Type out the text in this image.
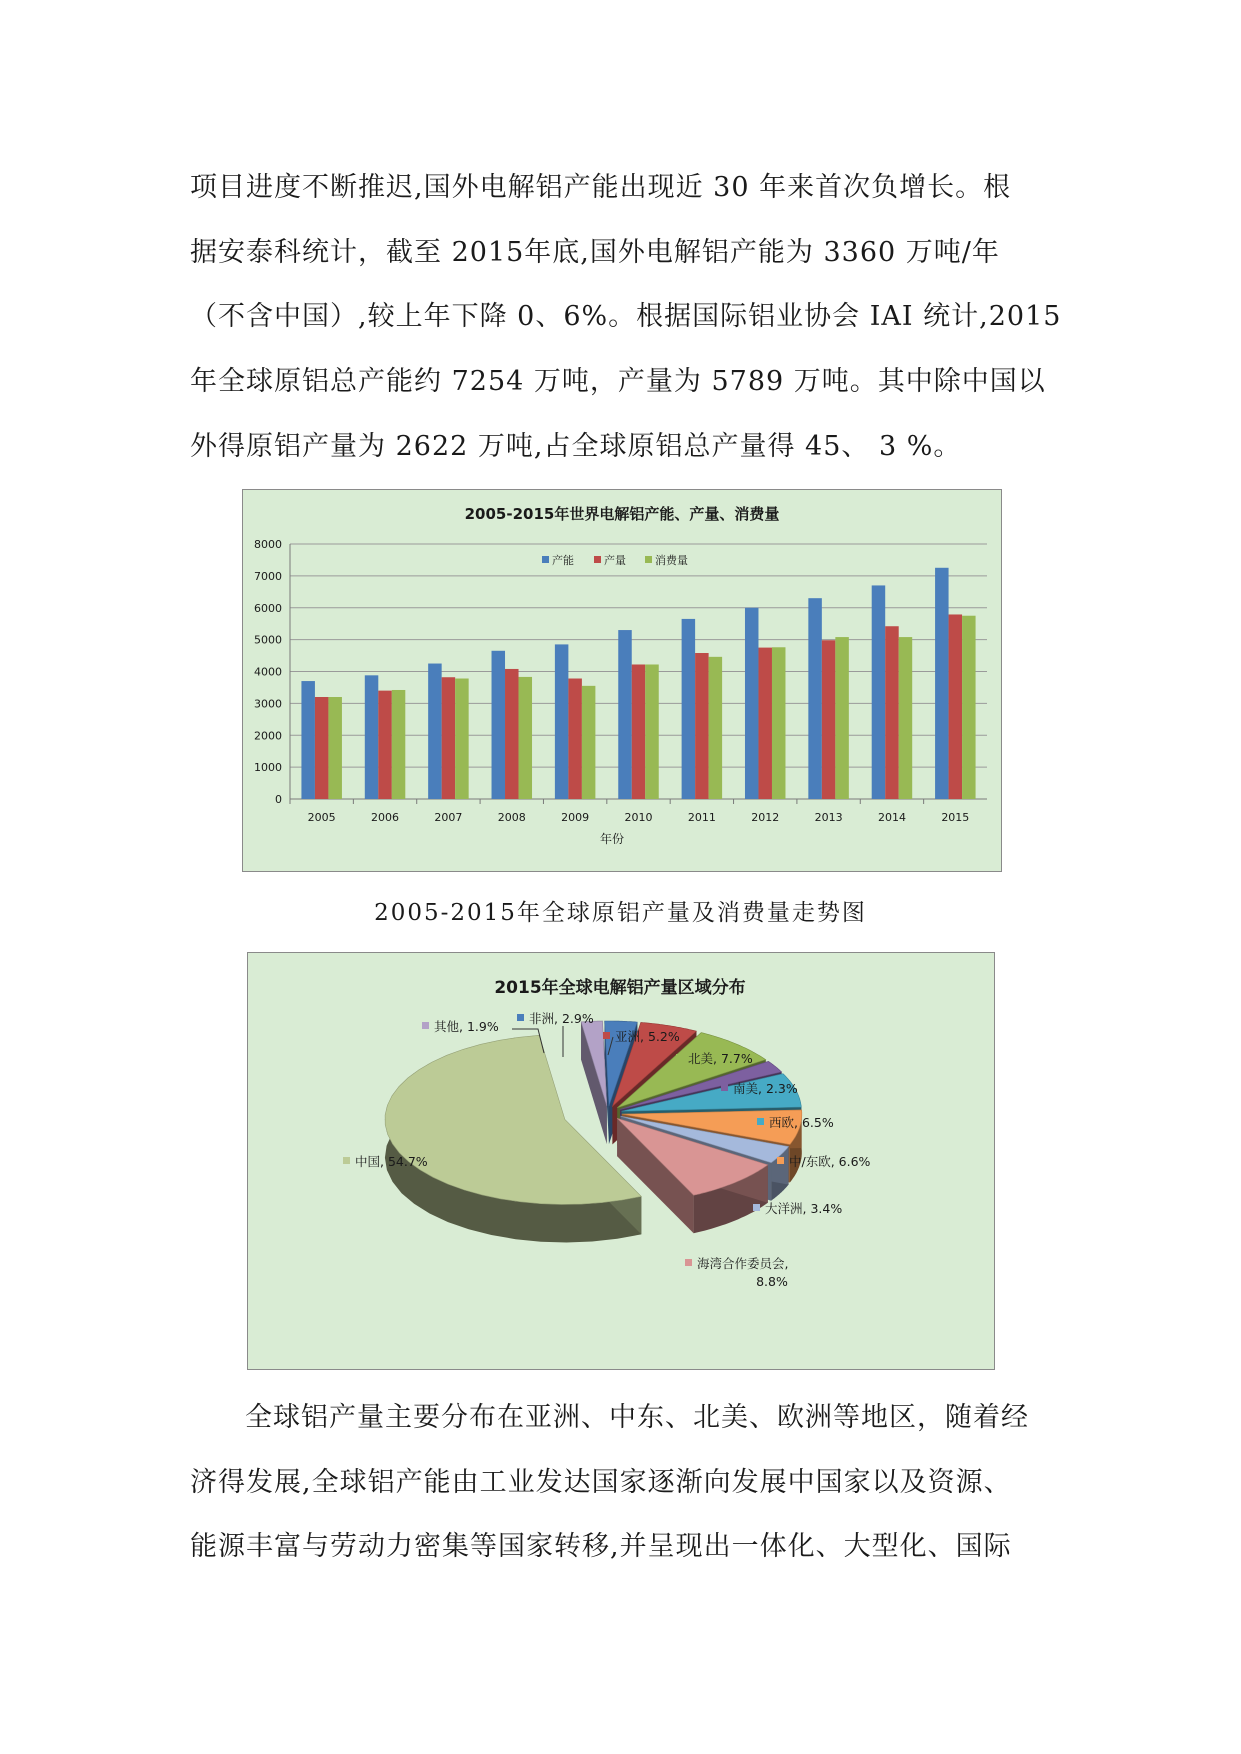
项目进度不断推迟,国外电解铝产能出现近 30 年来首次负增长。根
据安泰科统计，截至 2015年底,国外电解铝产能为 3360 万吨/年
（不含中国）,较上年下降 0、6%。根据国际铝业协会 IAI 统计,2015
年全球原铝总产能约 7254 万吨，产量为 5789 万吨。其中除中国以
外得原铝产量为 2622 万吨,占全球原铝总产量得 45、 3 %。
2005-2015年世界电解铝产能、产量、消费量
0
1000
2000
3000
4000
5000
6000
7000
8000
2005	2006	2007	2008	2009	2010	2011	2012	2013	2014	2015
年份
产能	产量	消费量
2005-2015年全球原铝产量及消费量走势图
2015年全球电解铝产量区域分布
非洲, 2.9%
亚洲, 5.2%
北美, 7.7%
南美, 2.3%
西欧, 6.5%
中/东欧, 6.6%
大洋洲, 3.4%
海湾合作委员会,
8.8%
中国, 54.7%
其他, 1.9%
全球铝产量主要分布在亚洲、中东、北美、欧洲等地区，随着经
济得发展,全球铝产能由工业发达国家逐渐向发展中国家以及资源、
能源丰富与劳动力密集等国家转移,并呈现出一体化、大型化、国际
